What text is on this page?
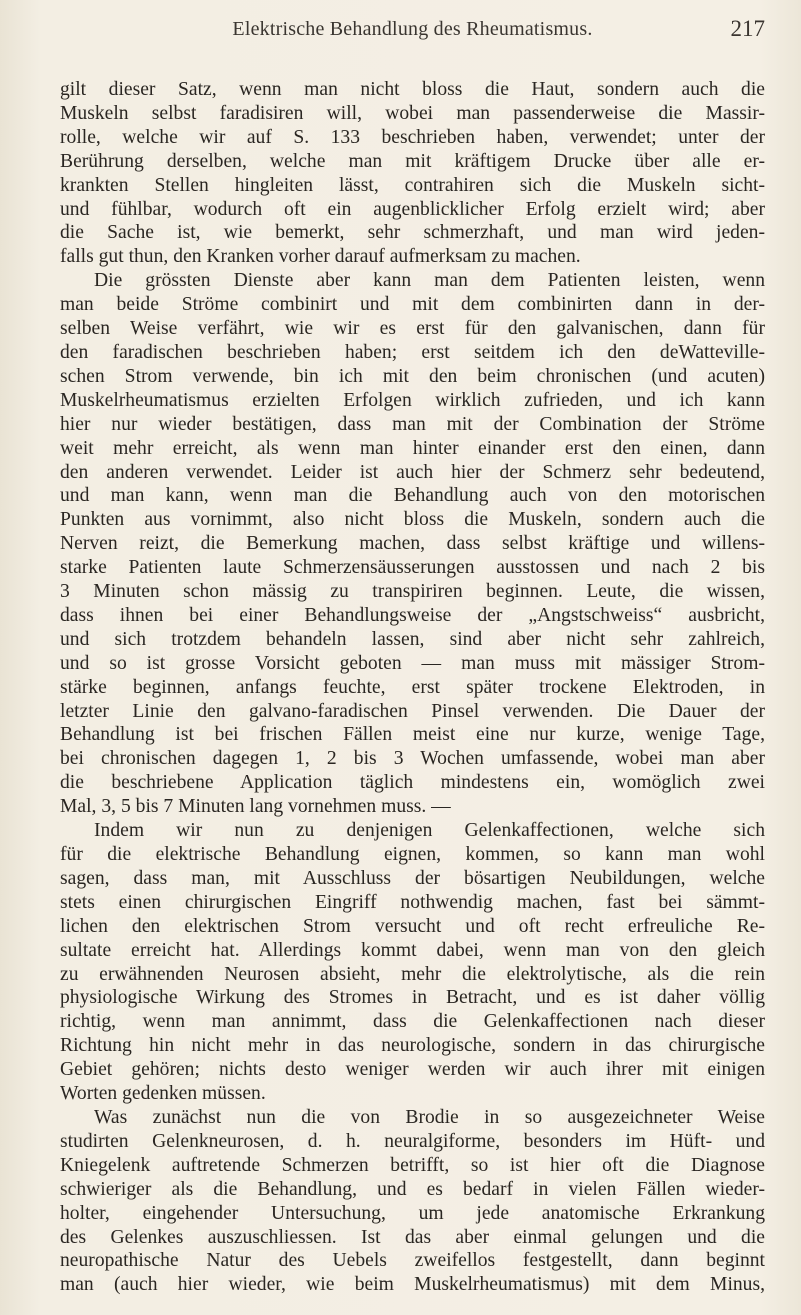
Elektrische Behandlung des Rheumatismus.	217
gilt dieser Satz, wenn man nicht bloss die Haut, sondern auch die
Muskeln selbst faradisiren will, wobei man passenderweise die Massir-
rolle, welche wir auf S. 133 beschrieben haben, verwendet; unter der
Berührung derselben, welche man mit kräftigem Drucke über alle er-
krankten Stellen hingleiten lässt, contrahiren sich die Muskeln sicht-
und fühlbar, wodurch oft ein augenblicklicher Erfolg erzielt wird; aber
die Sache ist, wie bemerkt, sehr schmerzhaft, und man wird jeden-
falls gut thun, den Kranken vorher darauf aufmerksam zu machen.
Die grössten Dienste aber kann man dem Patienten leisten, wenn
man beide Ströme combinirt und mit dem combinirten dann in der-
selben Weise verfährt, wie wir es erst für den galvanischen, dann für
den faradischen beschrieben haben; erst seitdem ich den deWatteville-
schen Strom verwende, bin ich mit den beim chronischen (und acuten)
Muskelrheumatismus erzielten Erfolgen wirklich zufrieden, und ich kann
hier nur wieder bestätigen, dass man mit der Combination der Ströme
weit mehr erreicht, als wenn man hinter einander erst den einen, dann
den anderen verwendet. Leider ist auch hier der Schmerz sehr bedeutend,
und man kann, wenn man die Behandlung auch von den motorischen
Punkten aus vornimmt, also nicht bloss die Muskeln, sondern auch die
Nerven reizt, die Bemerkung machen, dass selbst kräftige und willens-
starke Patienten laute Schmerzensäusserungen ausstossen und nach 2 bis
3 Minuten schon mässig zu transpiriren beginnen. Leute, die wissen,
dass ihnen bei einer Behandlungsweise der „Angstschweiss“ ausbricht,
und sich trotzdem behandeln lassen, sind aber nicht sehr zahlreich,
und so ist grosse Vorsicht geboten — man muss mit mässiger Strom-
stärke beginnen, anfangs feuchte, erst später trockene Elektroden, in
letzter Linie den galvano-faradischen Pinsel verwenden. Die Dauer der
Behandlung ist bei frischen Fällen meist eine nur kurze, wenige Tage,
bei chronischen dagegen 1, 2 bis 3 Wochen umfassende, wobei man aber
die beschriebene Application täglich mindestens ein, womöglich zwei
Mal, 3, 5 bis 7 Minuten lang vornehmen muss. —
Indem wir nun zu denjenigen Gelenkaffectionen, welche sich
für die elektrische Behandlung eignen, kommen, so kann man wohl
sagen, dass man, mit Ausschluss der bösartigen Neubildungen, welche
stets einen chirurgischen Eingriff nothwendig machen, fast bei sämmt-
lichen den elektrischen Strom versucht und oft recht erfreuliche Re-
sultate erreicht hat. Allerdings kommt dabei, wenn man von den gleich
zu erwähnenden Neurosen absieht, mehr die elektrolytische, als die rein
physiologische Wirkung des Stromes in Betracht, und es ist daher völlig
richtig, wenn man annimmt, dass die Gelenkaffectionen nach dieser
Richtung hin nicht mehr in das neurologische, sondern in das chirurgische
Gebiet gehören; nichts desto weniger werden wir auch ihrer mit einigen
Worten gedenken müssen.
Was zunächst nun die von Brodie in so ausgezeichneter Weise
studirten Gelenkneurosen, d. h. neuralgiforme, besonders im Hüft- und
Kniegelenk auftretende Schmerzen betrifft, so ist hier oft die Diagnose
schwieriger als die Behandlung, und es bedarf in vielen Fällen wieder-
holter, eingehender Untersuchung, um jede anatomische Erkrankung
des Gelenkes auszuschliessen. Ist das aber einmal gelungen und die
neuropathische Natur des Uebels zweifellos festgestellt, dann beginnt
man (auch hier wieder, wie beim Muskelrheumatismus) mit dem Minus,
